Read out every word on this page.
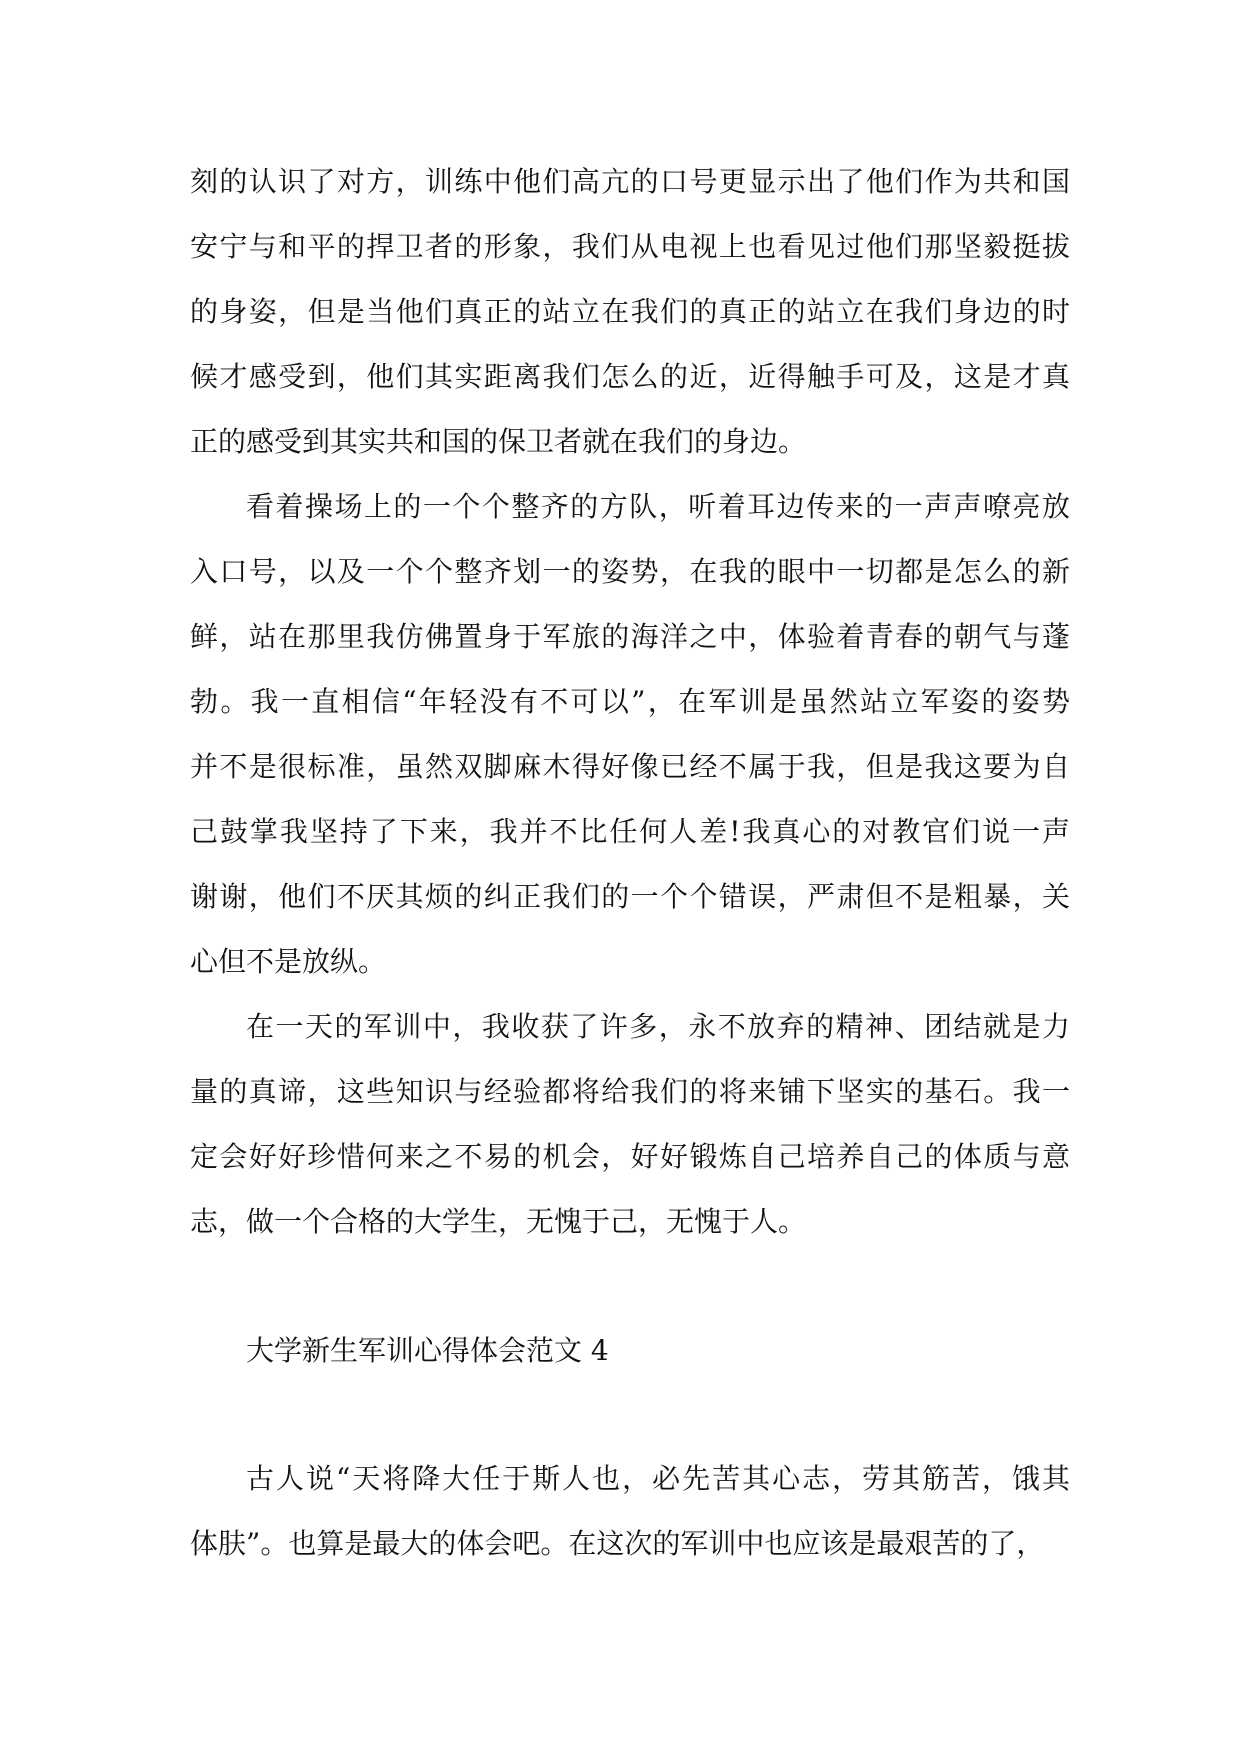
刻的认识了对方，训练中他们高亢的口号更显示出了他们作为共和国
安宁与和平的捍卫者的形象，我们从电视上也看见过他们那坚毅挺拔
的身姿，但是当他们真正的站立在我们的真正的站立在我们身边的时
候才感受到，他们其实距离我们怎么的近，近得触手可及，这是才真
正的感受到其实共和国的保卫者就在我们的身边。
看着操场上的一个个整齐的方队，听着耳边传来的一声声嘹亮放
入口号，以及一个个整齐划一的姿势，在我的眼中一切都是怎么的新
鲜，站在那里我仿佛置身于军旅的海洋之中，体验着青春的朝气与蓬
勃。我一直相信“年轻没有不可以”，在军训是虽然站立军姿的姿势
并不是很标准，虽然双脚麻木得好像已经不属于我，但是我这要为自
己鼓掌我坚持了下来，我并不比任何人差!我真心的对教官们说一声
谢谢，他们不厌其烦的纠正我们的一个个错误，严肃但不是粗暴，关
心但不是放纵。
在一天的军训中，我收获了许多，永不放弃的精神、团结就是力
量的真谛，这些知识与经验都将给我们的将来铺下坚实的基石。我一
定会好好珍惜何来之不易的机会，好好锻炼自己培养自己的体质与意
志，做一个合格的大学生，无愧于己，无愧于人。
大学新生军训心得体会范文 4
古人说“天将降大任于斯人也，必先苦其心志，劳其筋苦，饿其
体肤”。也算是最大的体会吧。在这次的军训中也应该是最艰苦的了，
